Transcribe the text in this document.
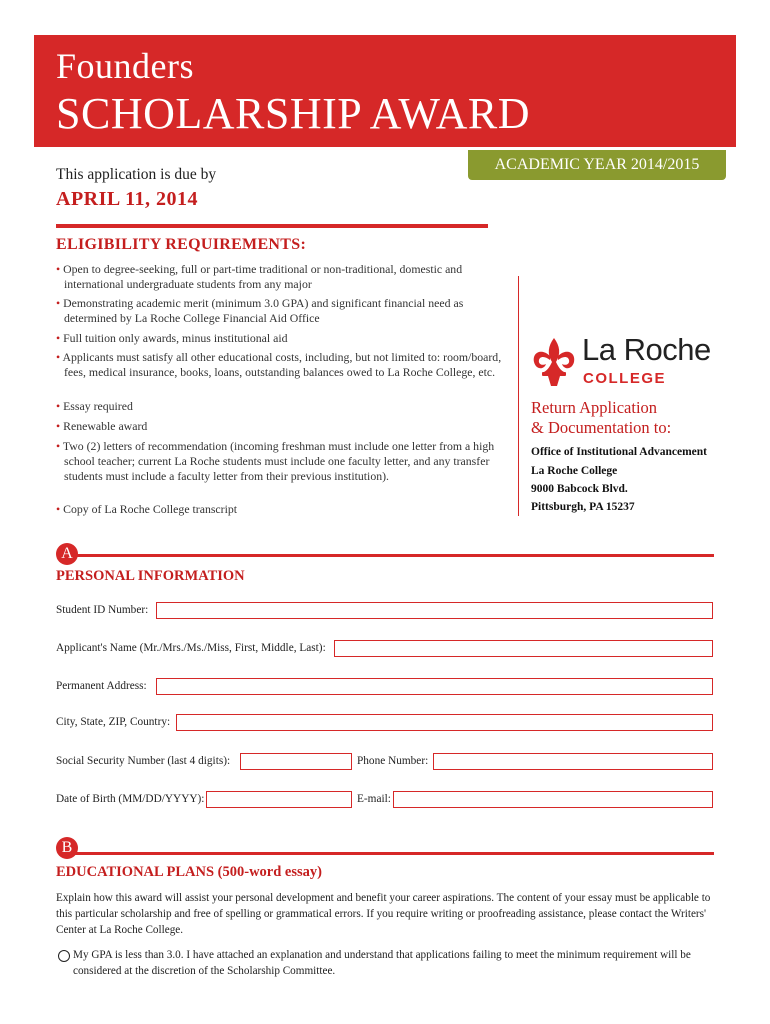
Founders
SCHOLARSHIP AWARD
ACADEMIC YEAR 2014/2015
This application is due by
APRIL 11, 2014
ELIGIBILITY REQUIREMENTS:
• Open to degree-seeking, full or part-time traditional or non-traditional, domestic and international undergraduate students from any major
• Demonstrating academic merit (minimum 3.0 GPA) and significant financial need as determined by La Roche College Financial Aid Office
• Full tuition only awards, minus institutional aid
• Applicants must satisfy all other educational costs, including, but not limited to: room/board, fees, medical insurance, books, loans, outstanding balances owed to La Roche College, etc.
• Essay required
• Renewable award
• Two (2) letters of recommendation (incoming freshman must include one letter from a high school teacher; current La Roche students must include one faculty letter, and any transfer students must include a faculty letter from their previous institution).
• Copy of La Roche College transcript
La Roche
COLLEGE
Return Application
& Documentation to:
Office of Institutional Advancement
La Roche College
9000 Babcock Blvd.
Pittsburgh, PA 15237
A
PERSONAL INFORMATION
Student ID Number:
Applicant's Name (Mr./Mrs./Ms./Miss, First, Middle, Last):
Permanent Address:
City, State, ZIP, Country:
Social Security Number (last 4 digits):	Phone Number:
Date of Birth (MM/DD/YYYY):	E-mail:
B
EDUCATIONAL PLANS (500-word essay)
Explain how this award will assist your personal development and benefit your career aspirations. The content of your essay must be applicable to this particular scholarship and free of spelling or grammatical errors. If you require writing or proofreading assistance, please contact the Writers' Center at La Roche College.
My GPA is less than 3.0. I have attached an explanation and understand that applications failing to meet the minimum requirement will be considered at the discretion of the Scholarship Committee.
